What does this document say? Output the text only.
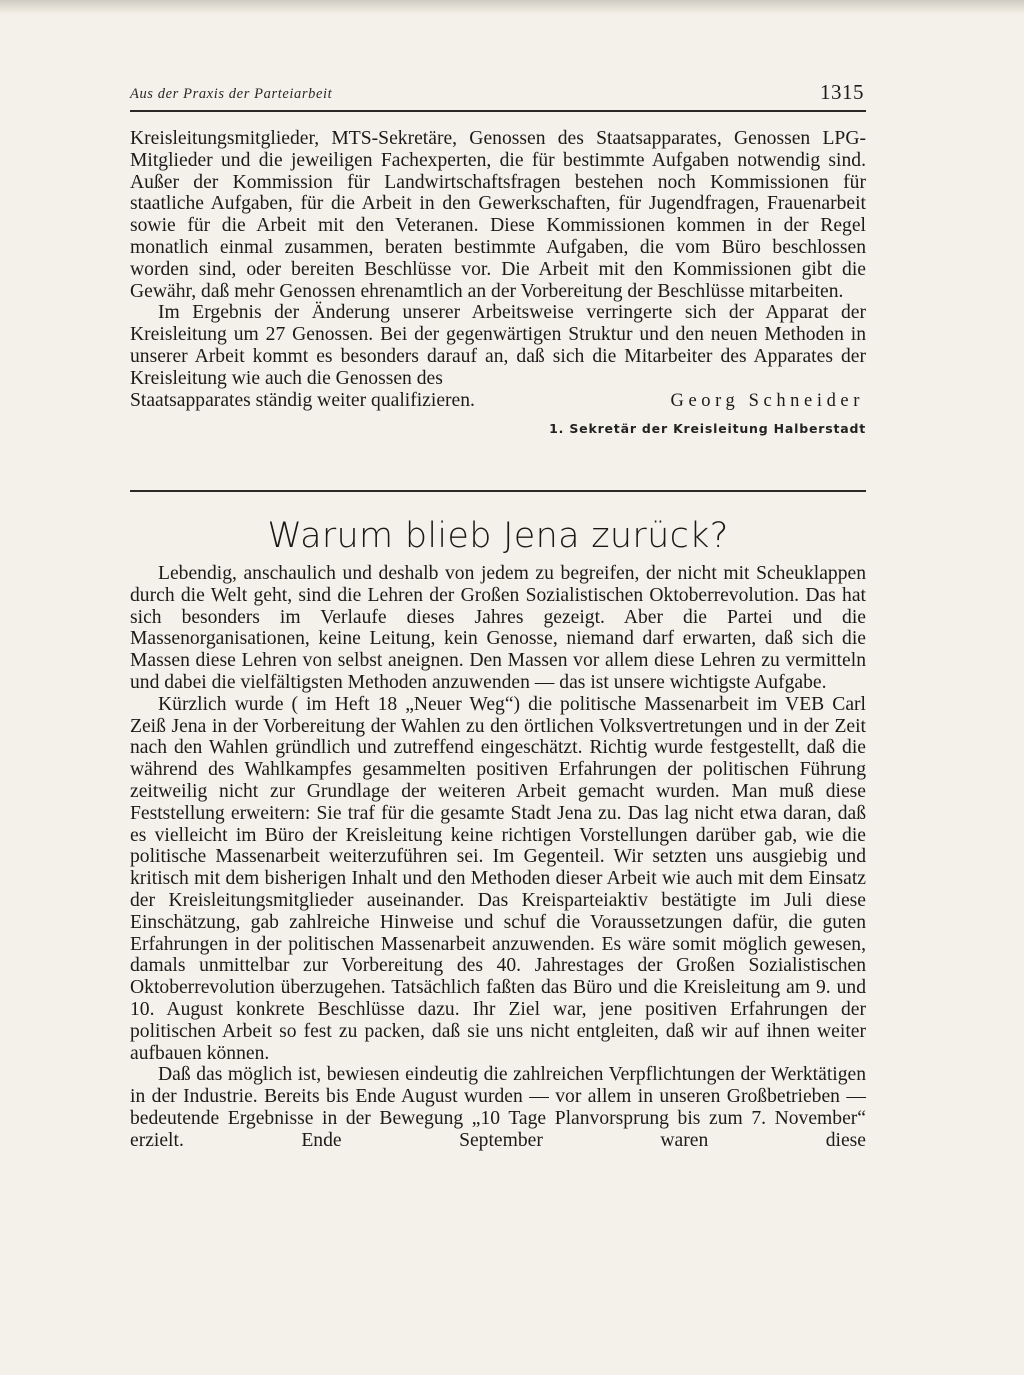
Aus der Praxis der Parteiarbeit	1315

Kreisleitungsmitglieder, MTS-Sekretäre, Genossen des Staatsapparates, Genossen LPG-Mitglieder und die jeweiligen Fachexperten, die für bestimmte Aufgaben notwendig sind. Außer der Kommission für Landwirtschaftsfragen bestehen noch Kommissionen für staatliche Aufgaben, für die Arbeit in den Gewerkschaften, für Jugendfragen, Frauenarbeit sowie für die Arbeit mit den Veteranen. Diese Kommissionen kommen in der Regel monatlich einmal zusammen, beraten bestimmte Aufgaben, die vom Büro beschlossen worden sind, oder bereiten Beschlüsse vor. Die Arbeit mit den Kommissionen gibt die Gewähr, daß mehr Genossen ehrenamtlich an der Vorbereitung der Beschlüsse mitarbeiten.

Im Ergebnis der Änderung unserer Arbeitsweise verringerte sich der Apparat der Kreisleitung um 27 Genossen. Bei der gegenwärtigen Struktur und den neuen Methoden in unserer Arbeit kommt es besonders darauf an, daß sich die Mitarbeiter des Apparates der Kreisleitung wie auch die Genossen des

Staatsapparates ständig weiter qualifizieren.	Georg Schneider
1. Sekretär der Kreisleitung Halberstadt
Warum blieb Jena zurück?

Lebendig, anschaulich und deshalb von jedem zu begreifen, der nicht mit Scheuklappen durch die Welt geht, sind die Lehren der Großen Sozialistischen Oktoberrevolution. Das hat sich besonders im Verlaufe dieses Jahres gezeigt. Aber die Partei und die Massenorganisationen, keine Leitung, kein Genosse, niemand darf erwarten, daß sich die Massen diese Lehren von selbst aneignen. Den Massen vor allem diese Lehren zu vermitteln und dabei die vielfältigsten Methoden anzuwenden — das ist unsere wichtigste Aufgabe.

Kürzlich wurde ( im Heft 18 „Neuer Weg“) die politische Massenarbeit im VEB Carl Zeiß Jena in der Vorbereitung der Wahlen zu den örtlichen Volksvertretungen und in der Zeit nach den Wahlen gründlich und zutreffend eingeschätzt. Richtig wurde festgestellt, daß die während des Wahlkampfes gesammelten positiven Erfahrungen der politischen Führung zeitweilig nicht zur Grundlage der weiteren Arbeit gemacht wurden. Man muß diese Feststellung erweitern: Sie traf für die gesamte Stadt Jena zu. Das lag nicht etwa daran, daß es vielleicht im Büro der Kreisleitung keine richtigen Vorstellungen darüber gab, wie die politische Massenarbeit weiterzuführen sei. Im Gegenteil. Wir setzten uns ausgiebig und kritisch mit dem bisherigen Inhalt und den Methoden dieser Arbeit wie auch mit dem Einsatz der Kreisleitungsmitglieder auseinander. Das Kreisparteiaktiv bestätigte im Juli diese Einschätzung, gab zahlreiche Hinweise und schuf die Voraussetzungen dafür, die guten Erfahrungen in der politischen Massenarbeit anzuwenden. Es wäre somit möglich gewesen, damals unmittelbar zur Vorbereitung des 40. Jahrestages der Großen Sozialistischen Oktoberrevolution überzugehen. Tatsächlich faßten das Büro und die Kreisleitung am 9. und 10. August konkrete Beschlüsse dazu. Ihr Ziel war, jene positiven Erfahrungen der politischen Arbeit so fest zu packen, daß sie uns nicht entgleiten, daß wir auf ihnen weiter aufbauen können.

Daß das möglich ist, bewiesen eindeutig die zahlreichen Verpflichtungen der Werktätigen in der Industrie. Bereits bis Ende August wurden — vor allem in unseren Großbetrieben — bedeutende Ergebnisse in der Bewegung „10 Tage Planvorsprung bis zum 7. November“ erzielt. Ende September waren diese
